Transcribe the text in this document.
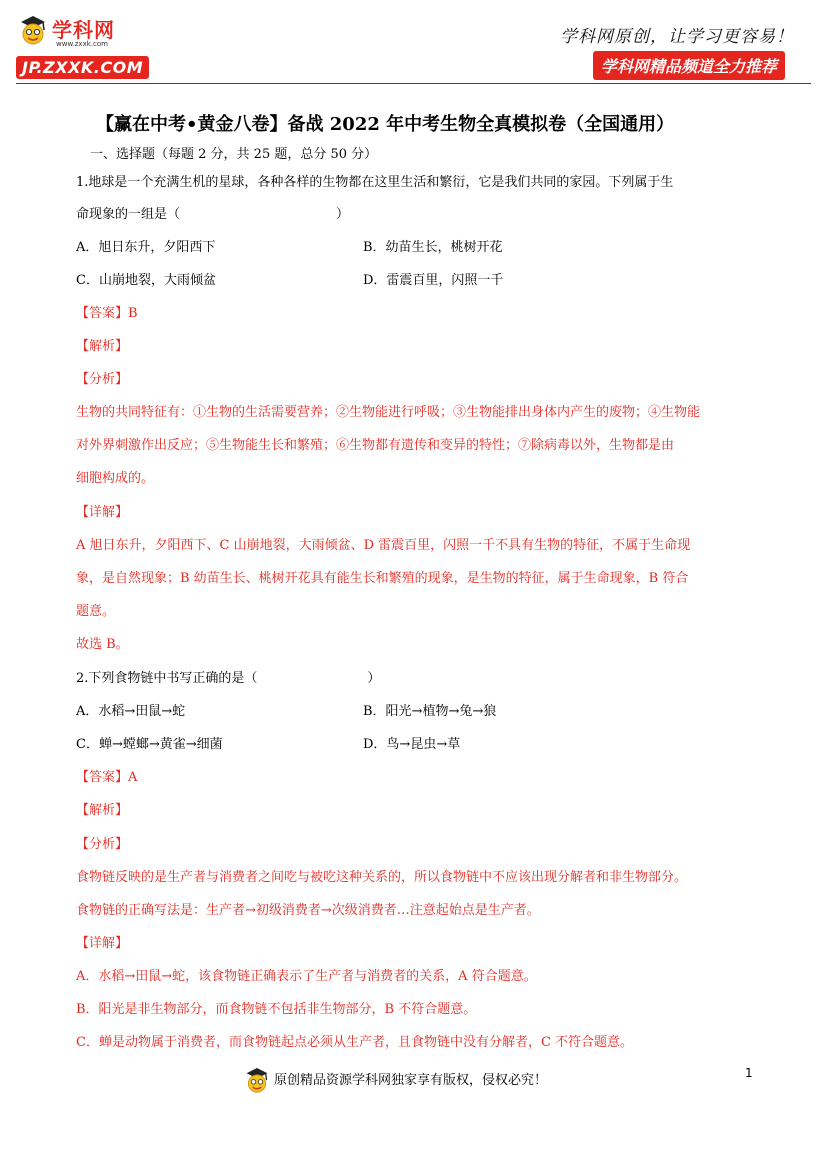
学科网
www.zxxk.com
JP.ZXXK.COM
学科网原创，让学习更容易！
学科网精品频道全力推荐
【赢在中考•黄金八卷】备战 2022 年中考生物全真模拟卷（全国通用）
一、选择题（每题 2 分，共 25 题，总分 50 分）
1.地球是一个充满生机的星球，各种各样的生物都在这里生活和繁衍，它是我们共同的家园。下列属于生
命现象的一组是（	）
A．旭日东升，夕阳西下	B．幼苗生长，桃树开花
C．山崩地裂，大雨倾盆	D．雷震百里，闪照一千
【答案】B
【解析】
【分析】
生物的共同特征有：①生物的生活需要营养；②生物能进行呼吸；③生物能排出身体内产生的废物；④生物能
对外界刺激作出反应；⑤生物能生长和繁殖；⑥生物都有遗传和变异的特性；⑦除病毒以外，生物都是由
细胞构成的。
【详解】
A 旭日东升，夕阳西下、C 山崩地裂，大雨倾盆、D 雷震百里，闪照一千不具有生物的特征，不属于生命现
象，是自然现象；B 幼苗生长、桃树开花具有能生长和繁殖的现象，是生物的特征，属于生命现象，B 符合
题意。
故选 B。
2.下列食物链中书写正确的是（	）
A．水稻→田鼠→蛇	B．阳光→植物→兔→狼
C．蝉→螳螂→黄雀→细菌	D．鸟→昆虫→草
【答案】A
【解析】
【分析】
食物链反映的是生产者与消费者之间吃与被吃这种关系的，所以食物链中不应该出现分解者和非生物部分。
食物链的正确写法是：生产者→初级消费者→次级消费者…注意起始点是生产者。
【详解】
A．水稻→田鼠→蛇，该食物链正确表示了生产者与消费者的关系，A 符合题意。
B．阳光是非生物部分，而食物链不包括非生物部分，B 不符合题意。
C．蝉是动物属于消费者，而食物链起点必须从生产者，且食物链中没有分解者，C 不符合题意。
1
原创精品资源学科网独家享有版权，侵权必究！
